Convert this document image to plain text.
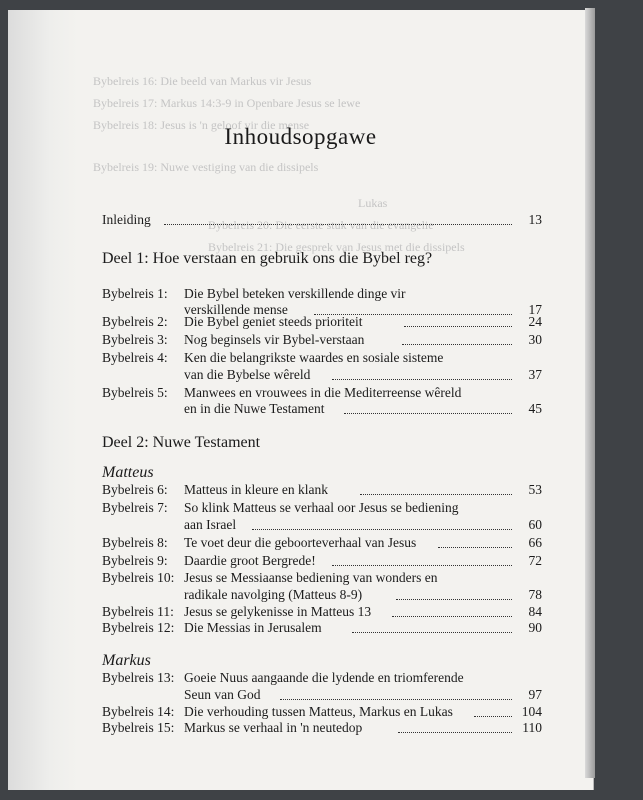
Bybelreis 16: Die beeld van Markus vir Jesus
Bybelreis 17: Markus 14:3-9 in Openbare Jesus se lewe
Bybelreis 18: Jesus is 'n geloof vir die mense
Bybelreis 19: Nuwe vestiging van die dissipels
Lukas
Bybelreis 20: Die eerste stuk van die evangelie
Bybelreis 21: Die gesprek van Jesus met die dissipels
Inhoudsopgawe
Inleiding	13
Deel 1: Hoe verstaan en gebruik ons die Bybel reg?
Bybelreis 1: Die Bybel beteken verskillende dinge vir
verskillende mense	17
Bybelreis 2: Die Bybel geniet steeds prioriteit	24
Bybelreis 3: Nog beginsels vir Bybel-verstaan	30
Bybelreis 4: Ken die belangrikste waardes en sosiale sisteme
van die Bybelse wêreld	37
Bybelreis 5: Manwees en vrouwees in die Mediterreense wêreld
en in die Nuwe Testament	45
Deel 2: Nuwe Testament
Matteus
Bybelreis 6: Matteus in kleure en klank	53
Bybelreis 7: So klink Matteus se verhaal oor Jesus se bediening
aan Israel	60
Bybelreis 8: Te voet deur die geboorteverhaal van Jesus	66
Bybelreis 9: Daardie groot Bergrede!	72
Bybelreis 10: Jesus se Messiaanse bediening van wonders en
radikale navolging (Matteus 8-9)	78
Bybelreis 11: Jesus se gelykenisse in Matteus 13	84
Bybelreis 12: Die Messias in Jerusalem	90
Markus
Bybelreis 13: Goeie Nuus aangaande die lydende en triomferende
Seun van God	97
Bybelreis 14: Die verhouding tussen Matteus, Markus en Lukas	104
Bybelreis 15: Markus se verhaal in 'n neutedop	110
